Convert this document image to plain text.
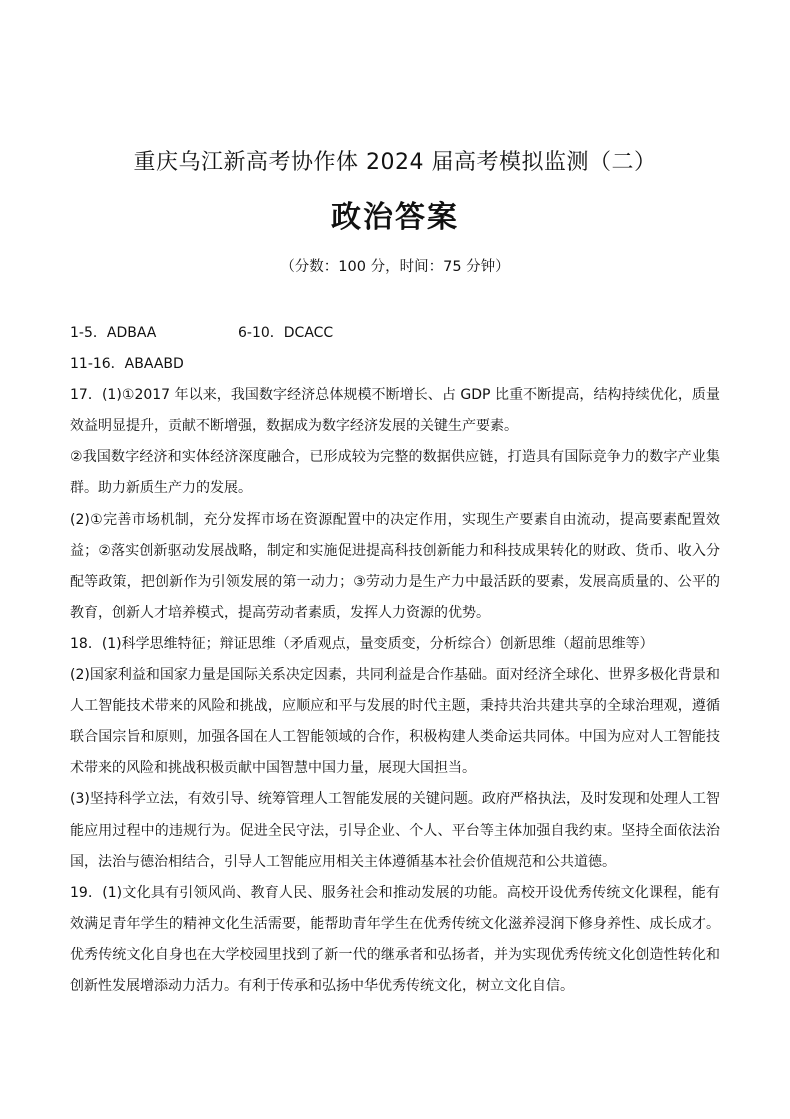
重庆乌江新高考协作体 2024 届高考模拟监测（二）
政治答案
（分数：100 分，时间：75 分钟）
1-5．ADBAA	6-10．DCACC
11-16．ABAABD
17．(1)①2017 年以来，我国数字经济总体规模不断增长、占 GDP 比重不断提高，结构持续优化，质量效益明显提升，贡献不断增强，数据成为数字经济发展的关键生产要素。
②我国数字经济和实体经济深度融合，已形成较为完整的数据供应链，打造具有国际竞争力的数字产业集群。助力新质生产力的发展。
(2)①完善市场机制，充分发挥市场在资源配置中的决定作用，实现生产要素自由流动，提高要素配置效益；②落实创新驱动发展战略，制定和实施促进提高科技创新能力和科技成果转化的财政、货币、收入分配等政策，把创新作为引领发展的第一动力；③劳动力是生产力中最活跃的要素，发展高质量的、公平的教育，创新人才培养模式，提高劳动者素质，发挥人力资源的优势。
18．(1)科学思维特征；辩证思维（矛盾观点，量变质变，分析综合）创新思维（超前思维等）
(2)国家利益和国家力量是国际关系决定因素，共同利益是合作基础。面对经济全球化、世界多极化背景和人工智能技术带来的风险和挑战，应顺应和平与发展的时代主题，秉持共治共建共享的全球治理观，遵循联合国宗旨和原则，加强各国在人工智能领域的合作，积极构建人类命运共同体。中国为应对人工智能技术带来的风险和挑战积极贡献中国智慧中国力量，展现大国担当。
(3)坚持科学立法，有效引导、统筹管理人工智能发展的关键问题。政府严格执法，及时发现和处理人工智能应用过程中的违规行为。促进全民守法，引导企业、个人、平台等主体加强自我约束。坚持全面依法治国，法治与德治相结合，引导人工智能应用相关主体遵循基本社会价值规范和公共道德。
19．(1)文化具有引领风尚、教育人民、服务社会和推动发展的功能。高校开设优秀传统文化课程，能有效满足青年学生的精神文化生活需要，能帮助青年学生在优秀传统文化滋养浸润下修身养性、成长成才。优秀传统文化自身也在大学校园里找到了新一代的继承者和弘扬者，并为实现优秀传统文化创造性转化和创新性发展增添动力活力。有利于传承和弘扬中华优秀传统文化，树立文化自信。
